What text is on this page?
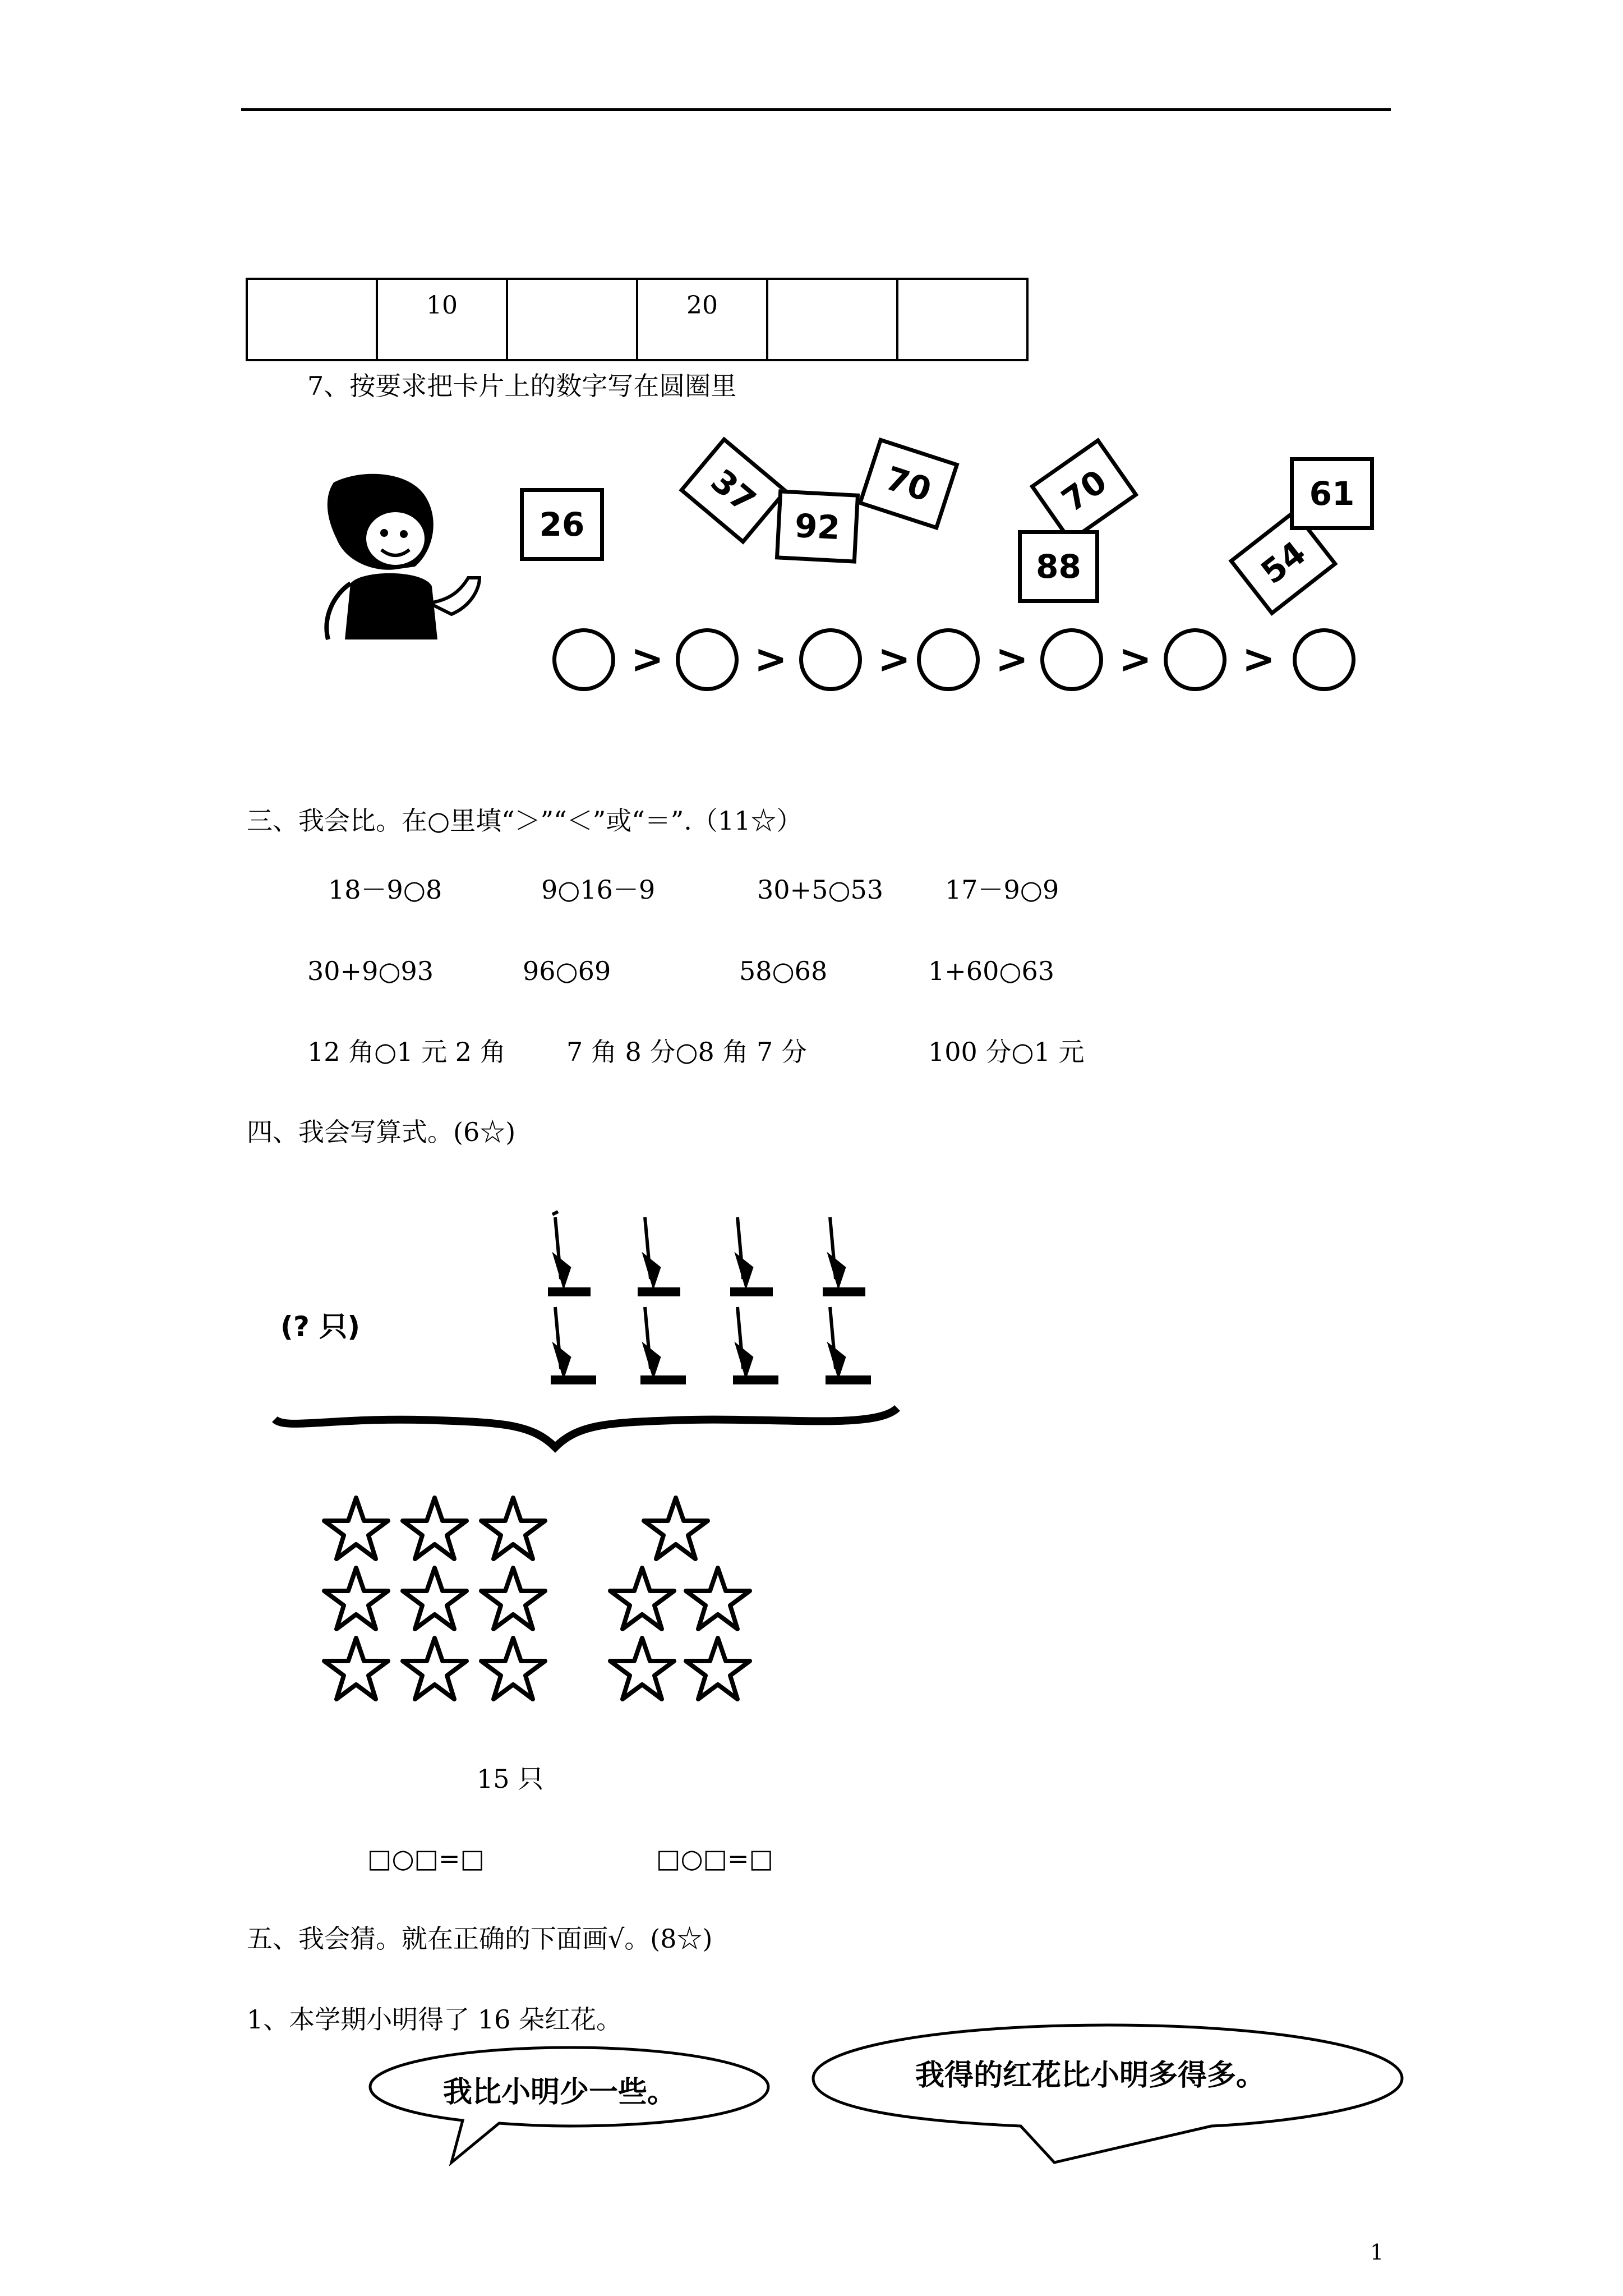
	10		20		
7、按要求把卡片上的数字写在圆圈里
26
37
92
70	70
88	54
61
> > > > > >
三、我会比。在○里填“＞”“＜”或“＝”.（11☆）
18－9○8	9○16－9	30+5○53 17－9○9
30+9○93	96○69	58○68	1+60○63
12 角○1 元 2 角 7 角 8 分○8 角 7 分	100 分○1 元
四、我会写算式。(6☆)
(? 只)
15 只
□○□=□	□○□=□
五、我会猜。就在正确的下面画√。(8☆)
1、本学期小明得了 16 朵红花。
我比小明少一些。	我得的红花比小明多得多。
1
